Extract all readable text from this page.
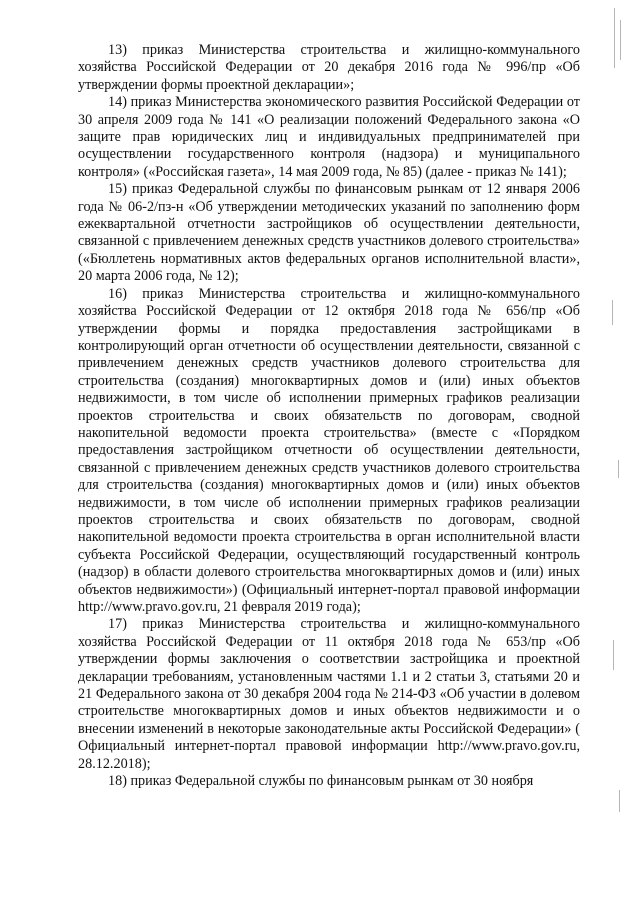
13) приказ Министерства строительства и жилищно-коммунального хозяйства Российской Федерации от 20 декабря 2016 года № 996/пр «Об утверждении формы проектной декларации»;

14) приказ Министерства экономического развития Российской Федерации от 30 апреля 2009 года № 141 «О реализации положений Федерального закона «О защите прав юридических лиц и индивидуальных предпринимателей при осуществлении государственного контроля (надзора) и муниципального контроля» («Российская газета», 14 мая 2009 года, № 85) (далее - приказ № 141);

15) приказ Федеральной службы по финансовым рынкам от 12 января 2006 года № 06-2/пз-н «Об утверждении методических указаний по заполнению форм ежеквартальной отчетности застройщиков об осуществлении деятельности, связанной с привлечением денежных средств участников долевого строительства» («Бюллетень нормативных актов федеральных органов исполнительной власти», 20 марта 2006 года, № 12);

16) приказ Министерства строительства и жилищно-коммунального хозяйства Российской Федерации от 12 октября 2018 года № 656/пр «Об утверждении формы и порядка предоставления застройщиками в контролирующий орган отчетности об осуществлении деятельности, связанной с привлечением денежных средств участников долевого строительства для строительства (создания) многоквартирных домов и (или) иных объектов недвижимости, в том числе об исполнении примерных графиков реализации проектов строительства и своих обязательств по договорам, сводной накопительной ведомости проекта строительства» (вместе с «Порядком предоставления застройщиком отчетности об осуществлении деятельности, связанной с привлечением денежных средств участников долевого строительства для строительства (создания) многоквартирных домов и (или) иных объектов недвижимости, в том числе об исполнении примерных графиков реализации проектов строительства и своих обязательств по договорам, сводной накопительной ведомости проекта строительства в орган исполнительной власти субъекта Российской Федерации, осуществляющий государственный контроль (надзор) в области долевого строительства многоквартирных домов и (или) иных объектов недвижимости») (Официальный интернет-портал правовой информации http://www.pravo.gov.ru, 21 февраля 2019 года);

17) приказ Министерства строительства и жилищно-коммунального хозяйства Российской Федерации от 11 октября 2018 года № 653/пр «Об утверждении формы заключения о соответствии застройщика и проектной декларации требованиям, установленным частями 1.1 и 2 статьи 3, статьями 20 и 21 Федерального закона от 30 декабря 2004 года № 214-ФЗ «Об участии в долевом строительстве многоквартирных домов и иных объектов недвижимости и о внесении изменений в некоторые законодательные акты Российской Федерации» ( Официальный интернет-портал правовой информации http://www.pravo.gov.ru, 28.12.2018);

18) приказ Федеральной службы по финансовым рынкам от 30 ноября
